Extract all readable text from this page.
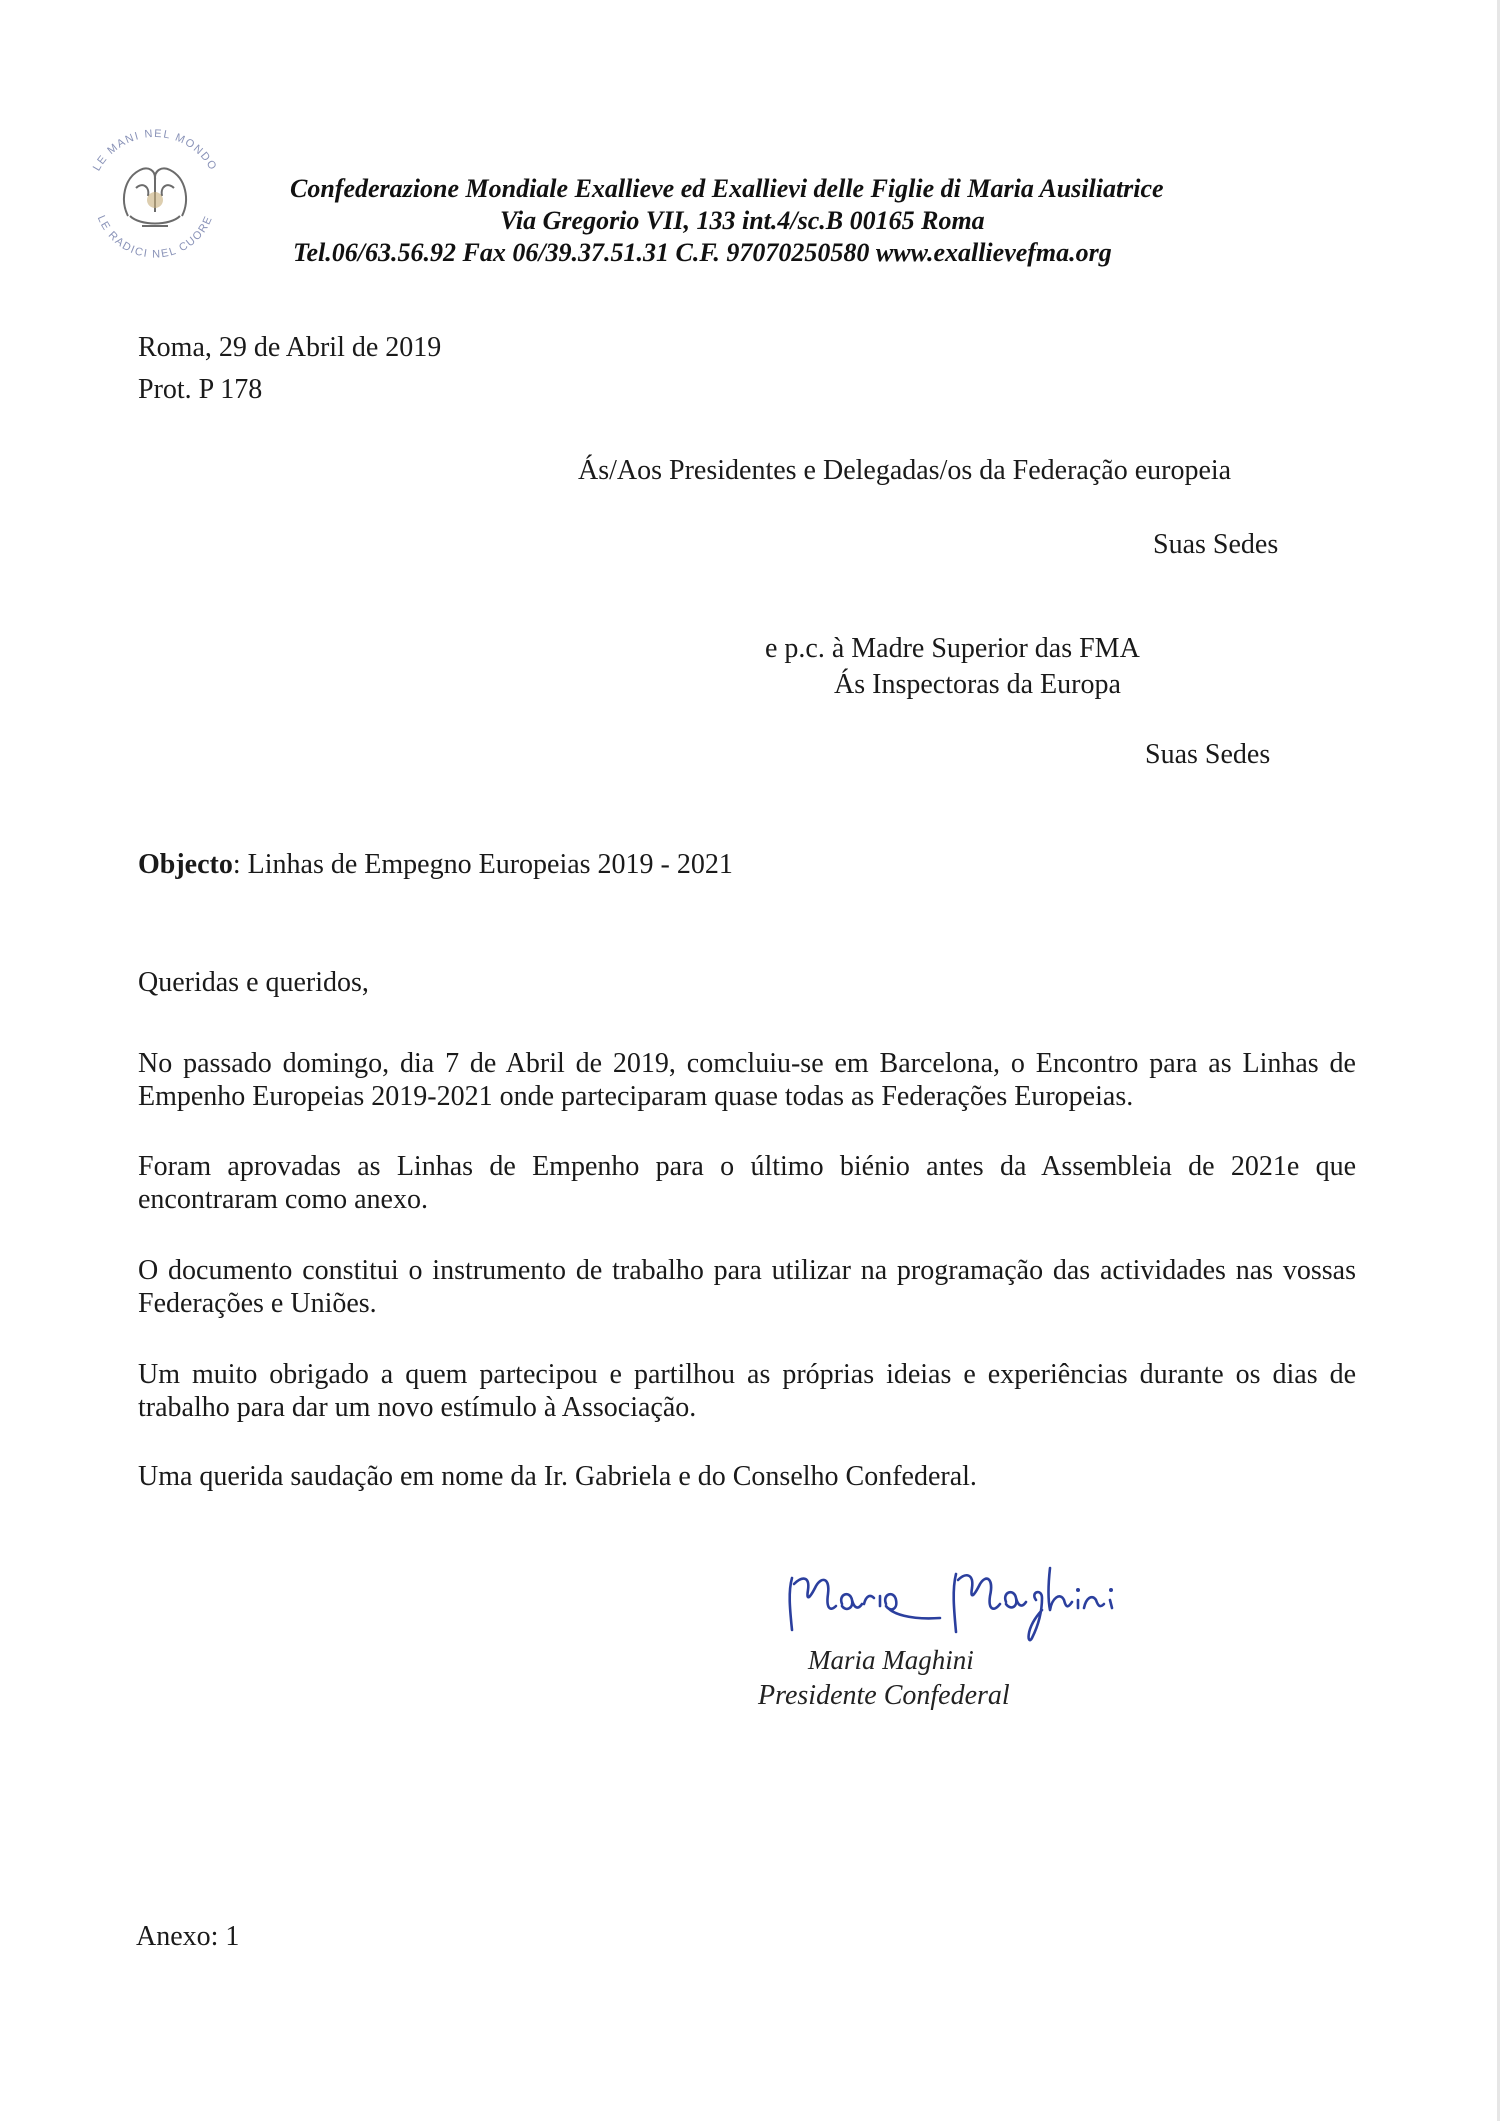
LE MANI NEL MONDO
LE RADICI NEL CUORE
Confederazione Mondiale Exallieve ed Exallievi delle Figlie di Maria Ausiliatrice
Via Gregorio VII, 133 int.4/sc.B 00165 Roma
Tel.06/63.56.92 Fax 06/39.37.51.31 C.F. 97070250580 www.exallievefma.org
Roma, 29 de Abril de 2019
Prot. P 178
Ás/Aos Presidentes e Delegadas/os da Federação europeia
Suas Sedes
e p.c. à Madre Superior das FMA
Ás Inspectoras da Europa
Suas Sedes
Objecto: Linhas de Empegno Europeias 2019 - 2021
Queridas e queridos,
No passado domingo, dia 7 de Abril de 2019, comcluiu-se em Barcelona, o Encontro para as Linhas de Empenho Europeias 2019-2021 onde parteciparam quase todas as Federações Europeias.
Foram aprovadas as Linhas de Empenho para o último biénio antes da Assembleia de 2021e que encontraram como anexo.
O documento constitui o instrumento de trabalho para utilizar na programação das actividades nas vossas Federações e Uniões.
Um muito obrigado a quem partecipou e partilhou as próprias ideias e experiências durante os dias de trabalho para dar um novo estímulo à Associação.
Uma querida saudação em nome da Ir. Gabriela e do Conselho Confederal.
Maria Maghini
Presidente Confederal
Anexo: 1
